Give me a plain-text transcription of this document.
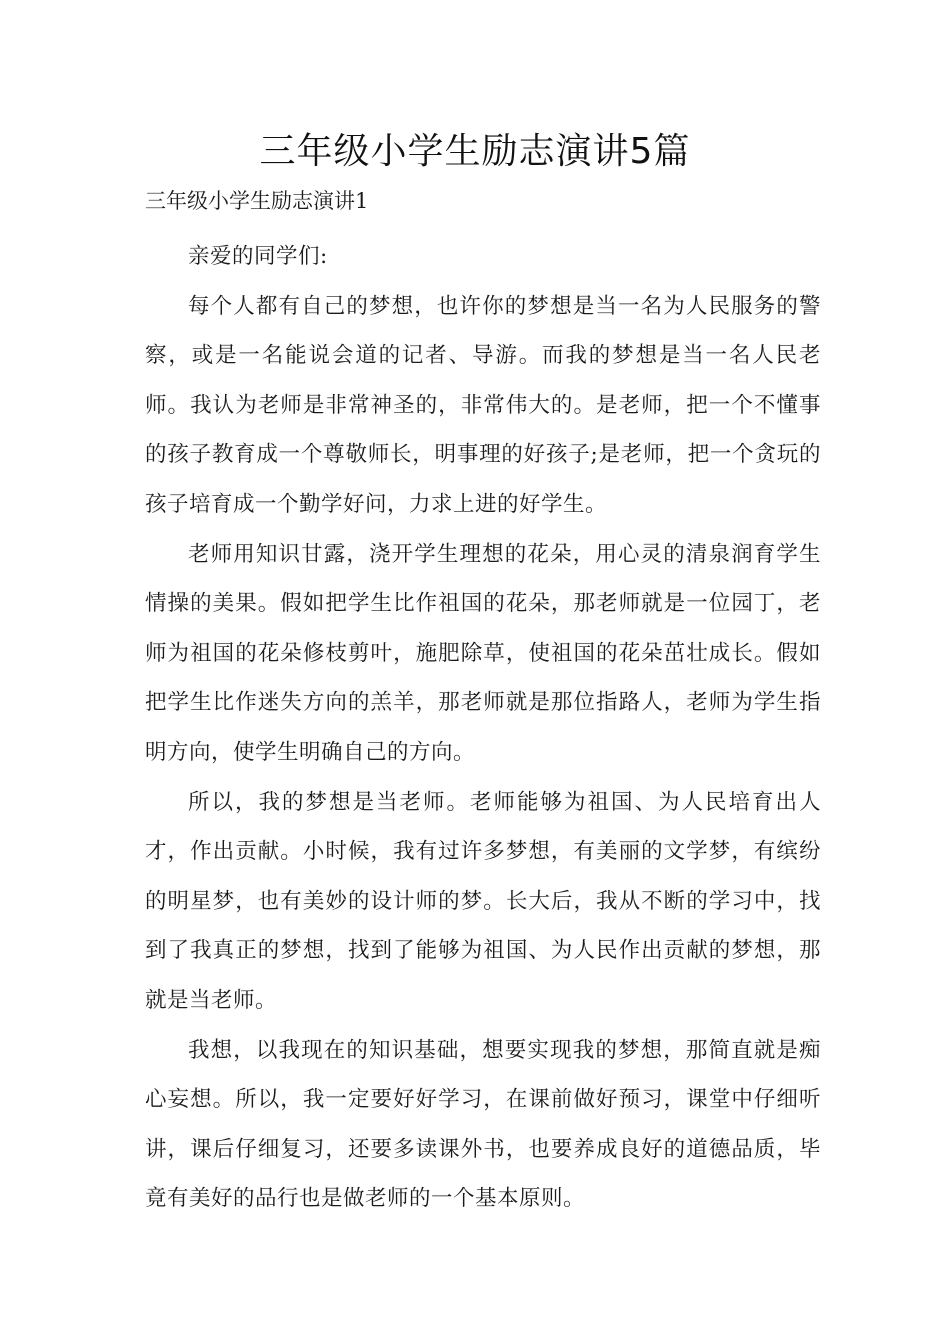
三年级小学生励志演讲5篇

三年级小学生励志演讲1

亲爱的同学们:

每个人都有自己的梦想，也许你的梦想是当一名为人民服务的警察，或是一名能说会道的记者、导游。而我的梦想是当一名人民老师。我认为老师是非常神圣的，非常伟大的。是老师，把一个不懂事的孩子教育成一个尊敬师长，明事理的好孩子;是老师，把一个贪玩的孩子培育成一个勤学好问，力求上进的好学生。

老师用知识甘露，浇开学生理想的花朵，用心灵的清泉润育学生情操的美果。假如把学生比作祖国的花朵，那老师就是一位园丁，老师为祖国的花朵修枝剪叶，施肥除草，使祖国的花朵茁壮成长。假如把学生比作迷失方向的羔羊，那老师就是那位指路人，老师为学生指明方向，使学生明确自己的方向。

所以，我的梦想是当老师。老师能够为祖国、为人民培育出人才，作出贡献。小时候，我有过许多梦想，有美丽的文学梦，有缤纷的明星梦，也有美妙的设计师的梦。长大后，我从不断的学习中，找到了我真正的梦想，找到了能够为祖国、为人民作出贡献的梦想，那就是当老师。

我想，以我现在的知识基础，想要实现我的梦想，那简直就是痴心妄想。所以，我一定要好好学习，在课前做好预习，课堂中仔细听讲，课后仔细复习，还要多读课外书，也要养成良好的道德品质，毕竟有美好的品行也是做老师的一个基本原则。
